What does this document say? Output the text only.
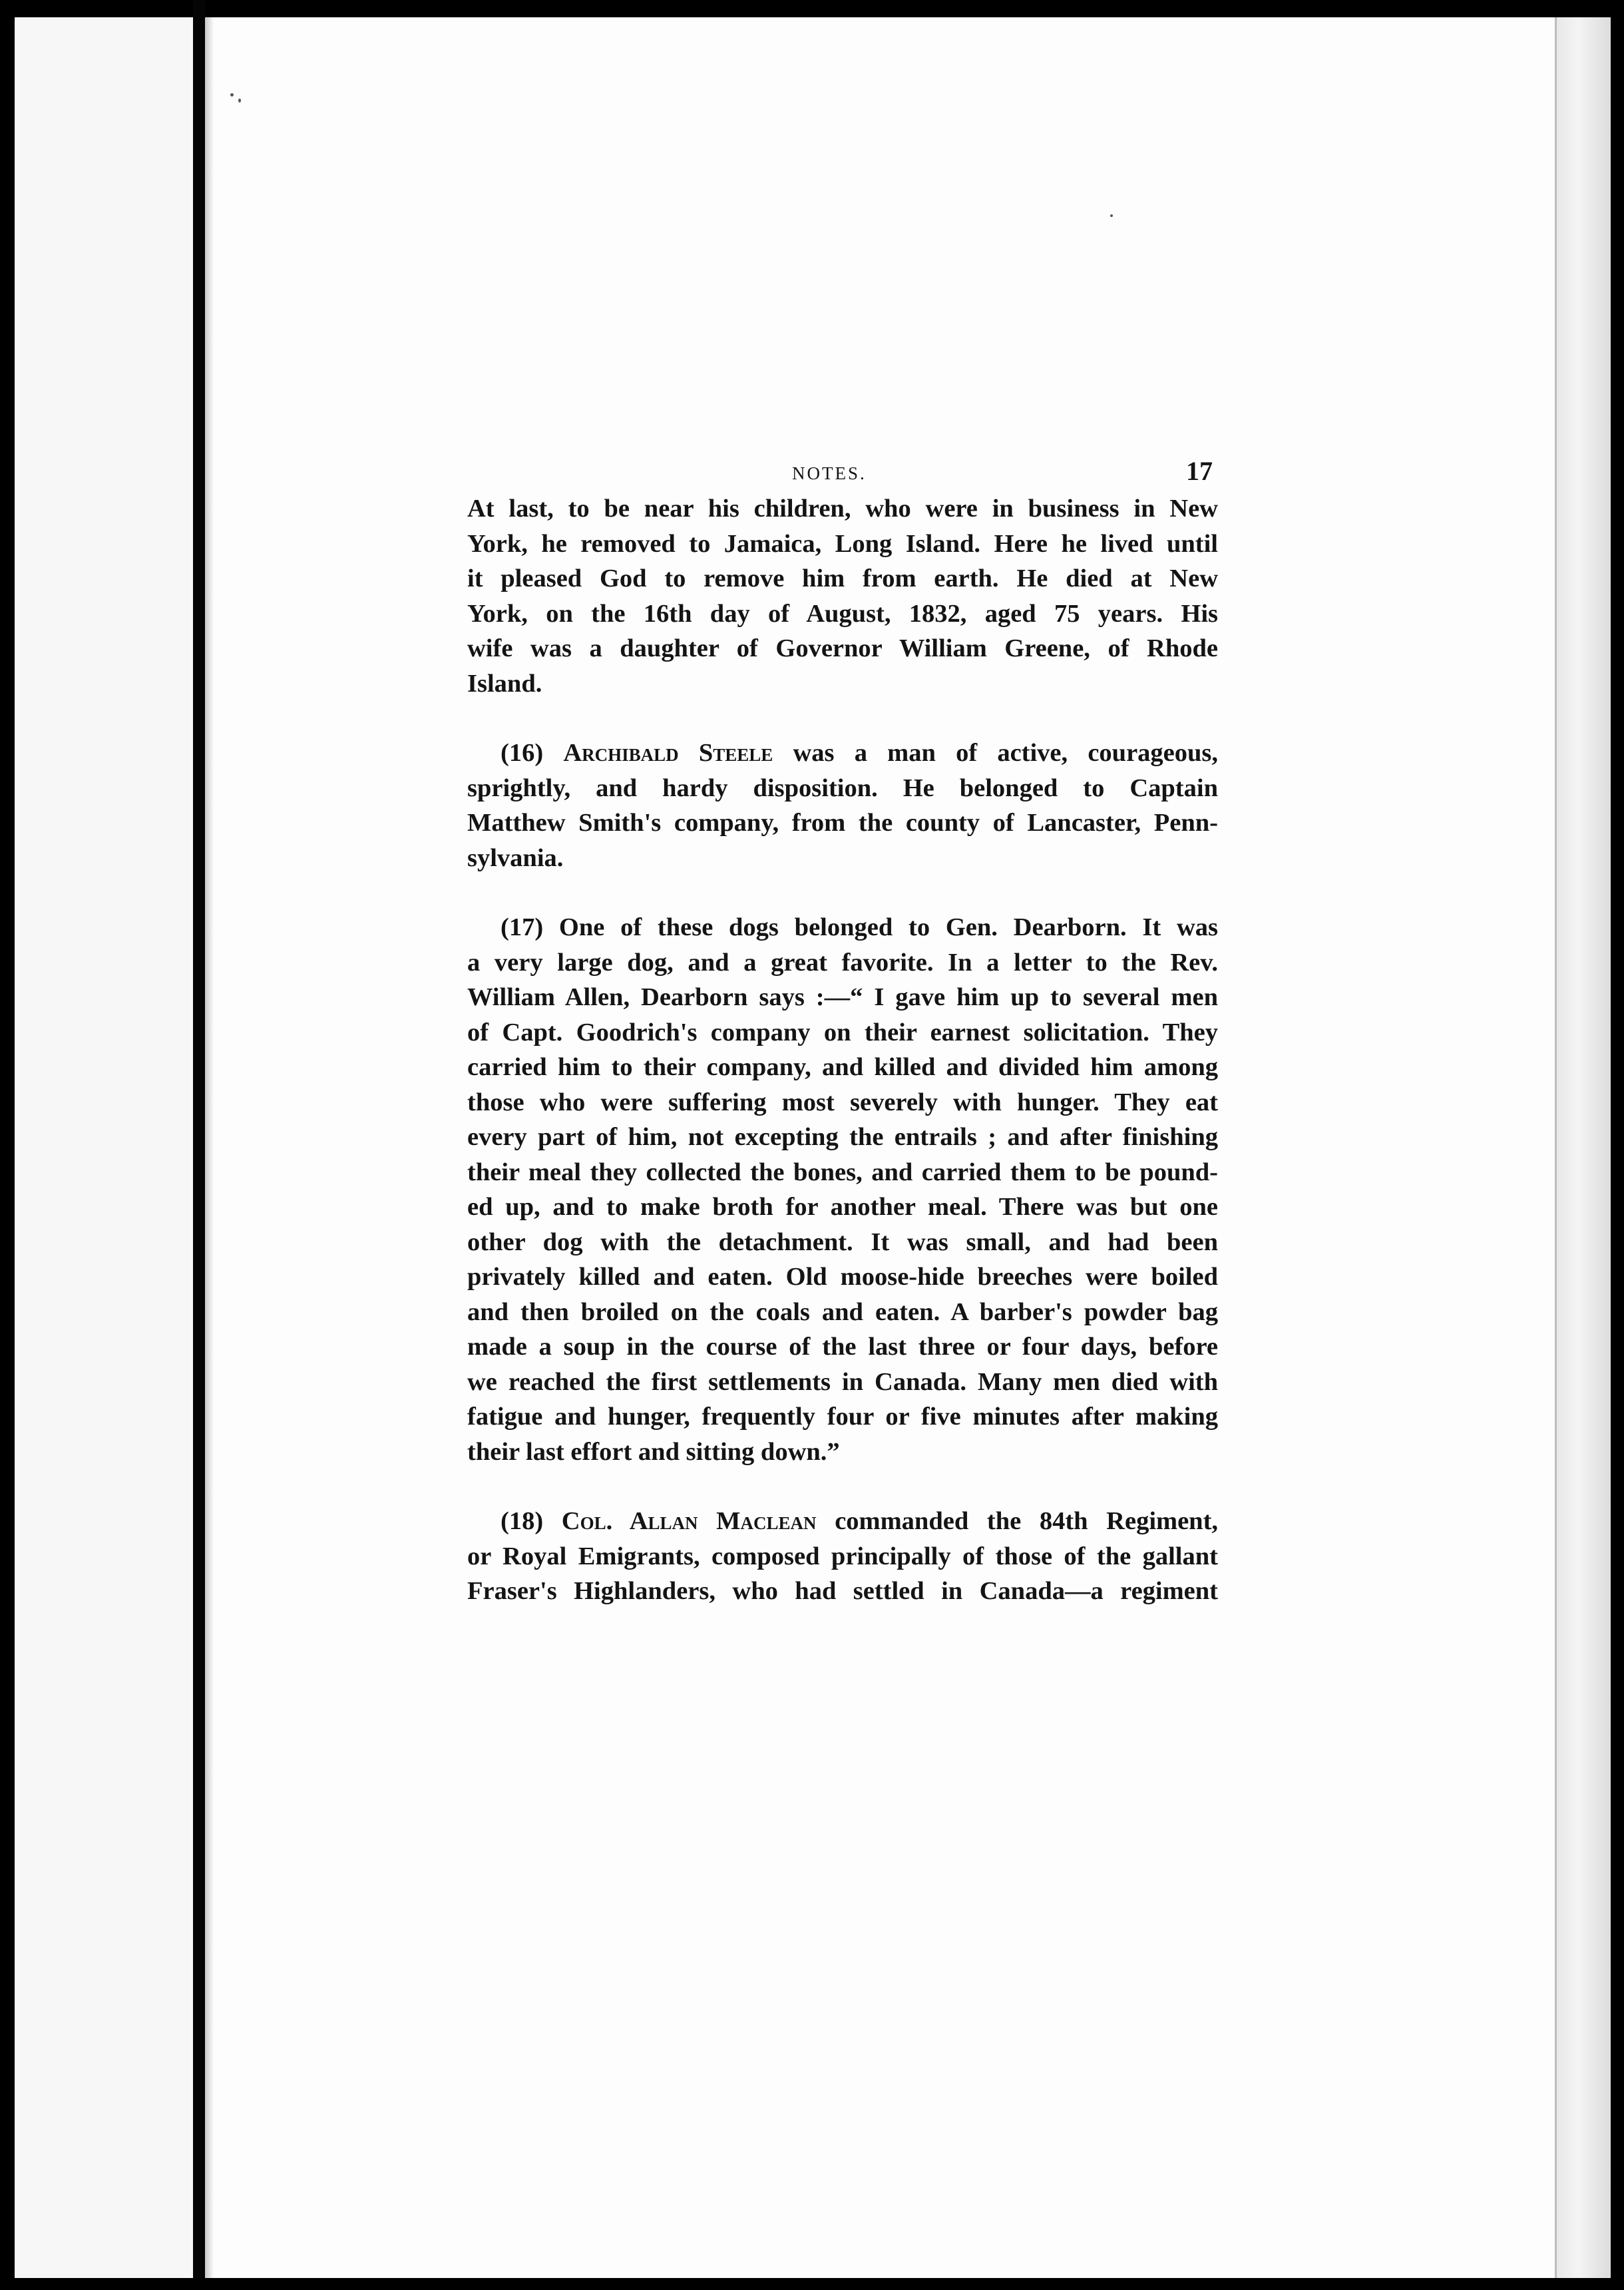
NOTES.	17

At last, to be near his children, who were in business in New

York, he removed to Jamaica, Long Island. Here he lived until

it pleased God to remove him from earth. He died at New

York, on the 16th day of August, 1832, aged 75 years. His

wife was a daughter of Governor William Greene, of Rhode

Island.

(16) Archibald Steele was a man of active, courageous,

sprightly, and hardy disposition. He belonged to Captain

Matthew Smith's company, from the county of Lancaster, Penn-

sylvania.

(17) One of these dogs belonged to Gen. Dearborn. It was

a very large dog, and a great favorite. In a letter to the Rev.

William Allen, Dearborn says :—“ I gave him up to several men

of Capt. Goodrich's company on their earnest solicitation. They

carried him to their company, and killed and divided him among

those who were suffering most severely with hunger. They eat

every part of him, not excepting the entrails ; and after finishing

their meal they collected the bones, and carried them to be pound-

ed up, and to make broth for another meal. There was but one

other dog with the detachment. It was small, and had been

privately killed and eaten. Old moose-hide breeches were boiled

and then broiled on the coals and eaten. A barber's powder bag

made a soup in the course of the last three or four days, before

we reached the first settlements in Canada. Many men died with

fatigue and hunger, frequently four or five minutes after making

their last effort and sitting down.”

(18) Col. Allan Maclean commanded the 84th Regiment,

or Royal Emigrants, composed principally of those of the gallant

Fraser's Highlanders, who had settled in Canada—a regiment
